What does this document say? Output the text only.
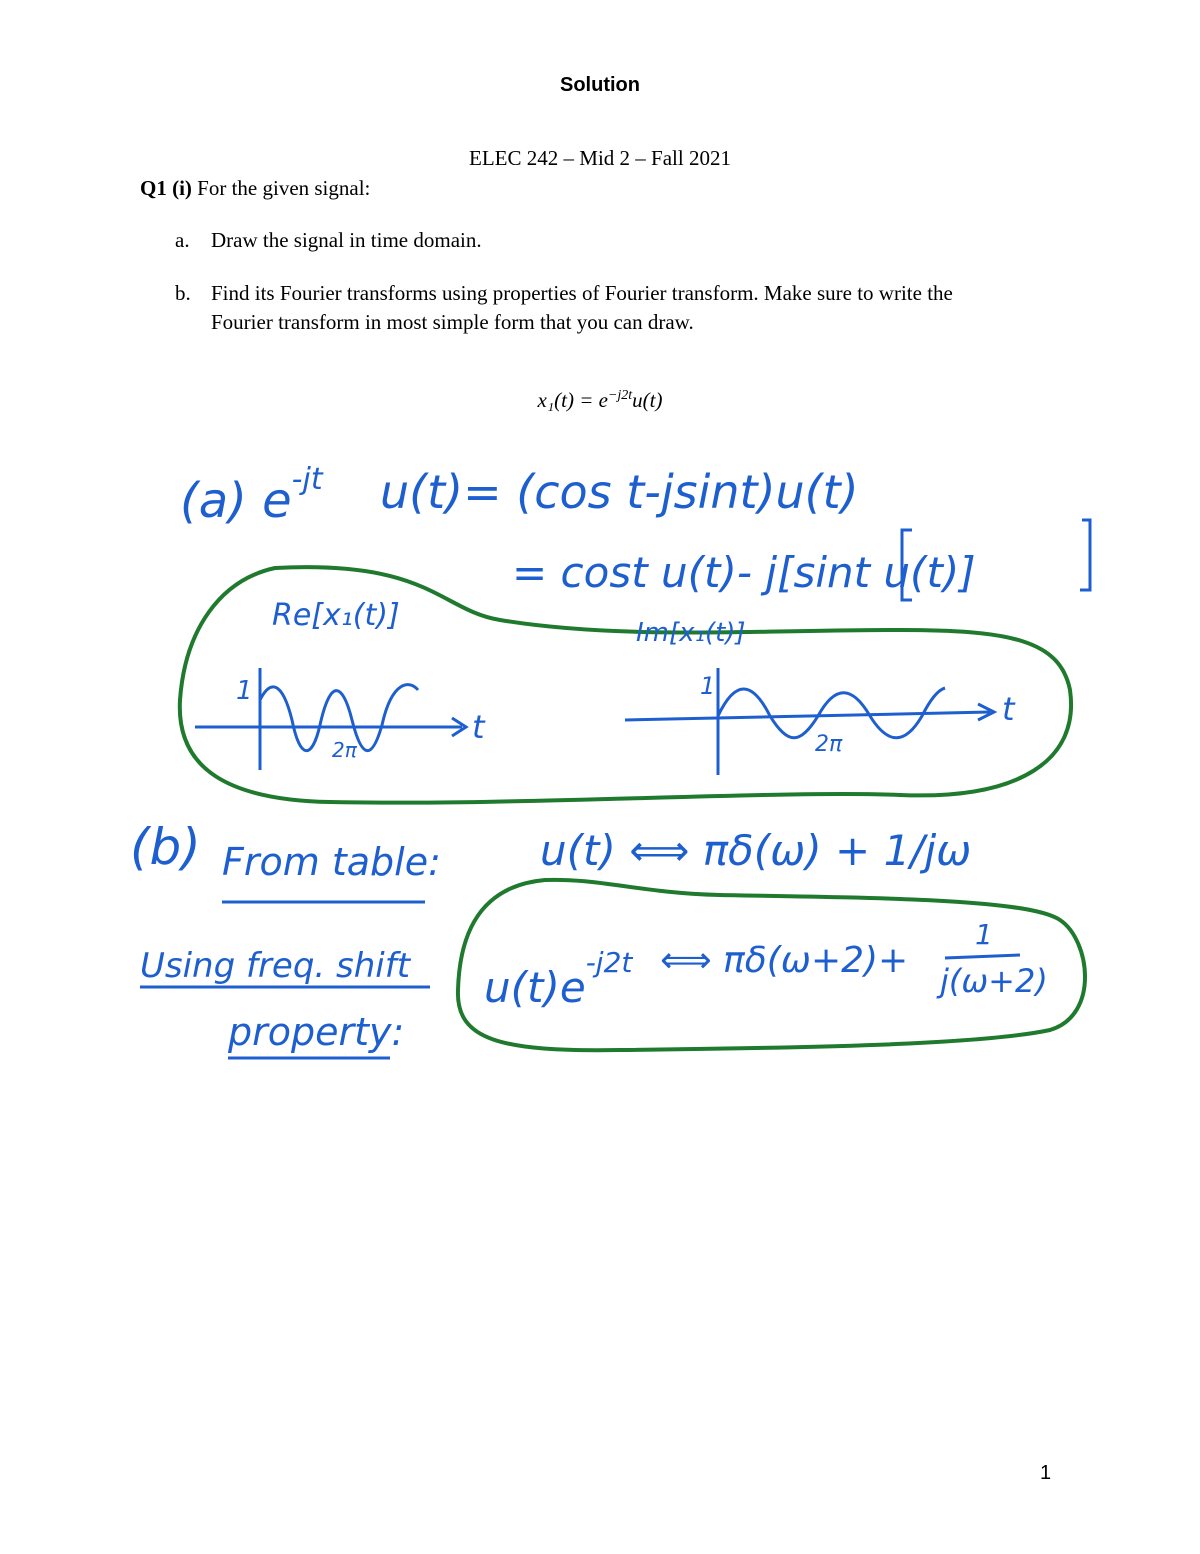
Solution
ELEC 242 – Mid 2 – Fall 2021
Q1 (i) For the given signal:
a. Draw the signal in time domain.
b. Find its Fourier transforms using properties of Fourier transform. Make sure to write the
Fourier transform in most simple form that you can draw.
$x_1(t) = e^{-j2t}u(t)$
(a) $e^{-jt}$ u(t)= (cos t-jsint)u(t)
= cost u(t)- j[sint u(t)]
Re[x₁(t)]	Im[x₁(t)]
1
2π
t
1
2π
t
(b) From table: u(t) ⟺ πδ(ω) + 1/jω
Using freq. shift
property:
$u(t)e^{-j2t}$ ⟺ πδ(ω+2)+
1
j(ω+2)
1
